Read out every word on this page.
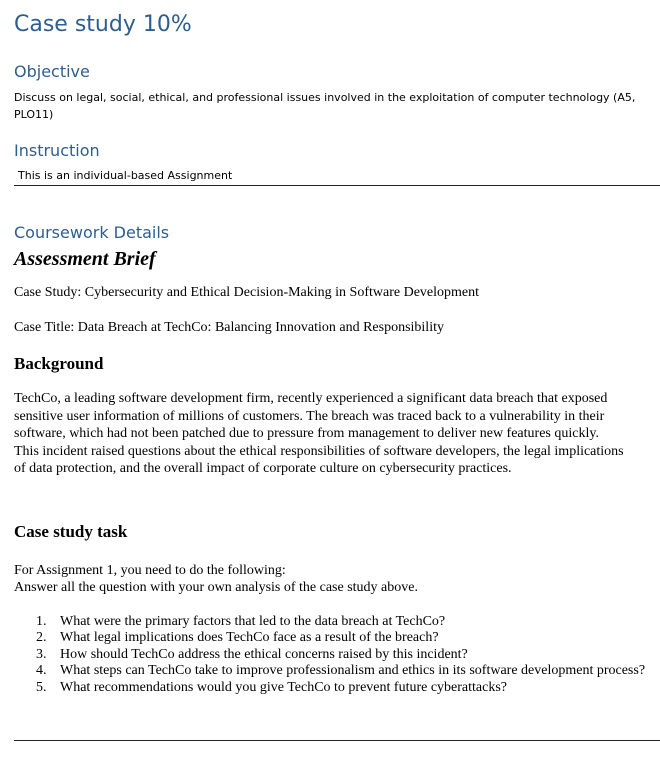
Case study 10%
Objective
Discuss on legal, social, ethical, and professional issues involved in the exploitation of computer technology (A5, PLO11)
Instruction
This is an individual-based Assignment
Coursework Details
Assessment Brief
Case Study: Cybersecurity and Ethical Decision-Making in Software Development
Case Title: Data Breach at TechCo: Balancing Innovation and Responsibility
Background
TechCo, a leading software development firm, recently experienced a significant data breach that exposed
sensitive user information of millions of customers. The breach was traced back to a vulnerability in their
software, which had not been patched due to pressure from management to deliver new features quickly.
This incident raised questions about the ethical responsibilities of software developers, the legal implications
of data protection, and the overall impact of corporate culture on cybersecurity practices.
Case study task
For Assignment 1, you need to do the following:
Answer all the question with your own analysis of the case study above.
1. What were the primary factors that led to the data breach at TechCo?
2. What legal implications does TechCo face as a result of the breach?
3. How should TechCo address the ethical concerns raised by this incident?
4. What steps can TechCo take to improve professionalism and ethics in its software development process?
5. What recommendations would you give TechCo to prevent future cyberattacks?
